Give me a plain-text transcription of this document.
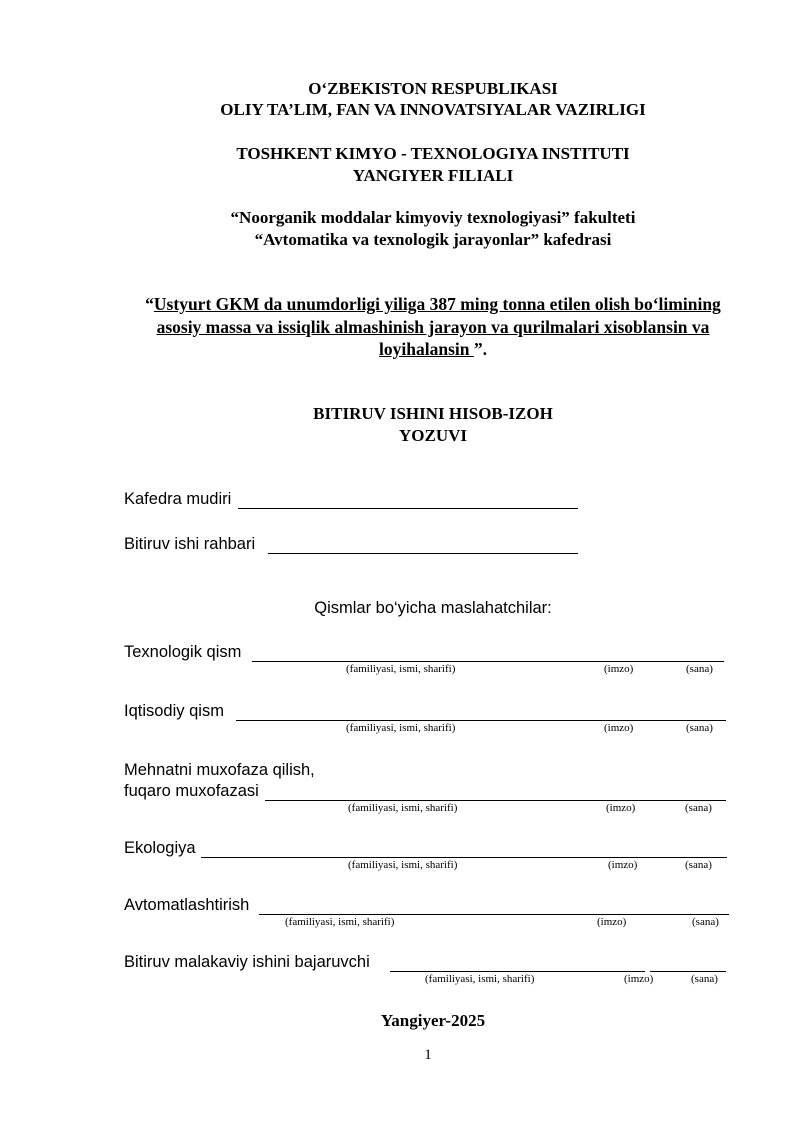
O‘ZBEKISTON RESPUBLIKASI
OLIY TA’LIM, FAN VA INNOVATSIYALAR VAZIRLIGI
TOSHKENT KIMYO - TEXNOLOGIYA INSTITUTI
YANGIYER FILIALI
“Noorganik moddalar kimyoviy texnologiyasi” fakulteti
“Avtomatika va texnologik jarayonlar” kafedrasi
“Ustyurt GKM da unumdorligi yiliga 387 ming tonna etilen olish bo‘limining
asosiy massa va issiqlik almashinish jarayon va qurilmalari xisoblansin va
loyihalansin ”.
BITIRUV ISHINI HISOB-IZOH
YOZUVI
Kafedra mudiri
Bitiruv ishi rahbari
Qismlar bo‘yicha maslahatchilar:
Texnologik qism
(familiyasi, ismi, sharifi)	(imzo)	(sana)
Iqtisodiy qism
(familiyasi, ismi, sharifi)	(imzo)	(sana)
Mehnatni muxofaza qilish,
fuqaro muxofazasi
(familiyasi, ismi, sharifi)	(imzo)	(sana)
Ekologiya
(familiyasi, ismi, sharifi)	(imzo)	(sana)
Avtomatlashtirish
(familiyasi, ismi, sharifi)	(imzo)	(sana)
Bitiruv malakaviy ishini bajaruvchi
(familiyasi, ismi, sharifi)	(imzo)	(sana)
Yangiyer-2025
1
